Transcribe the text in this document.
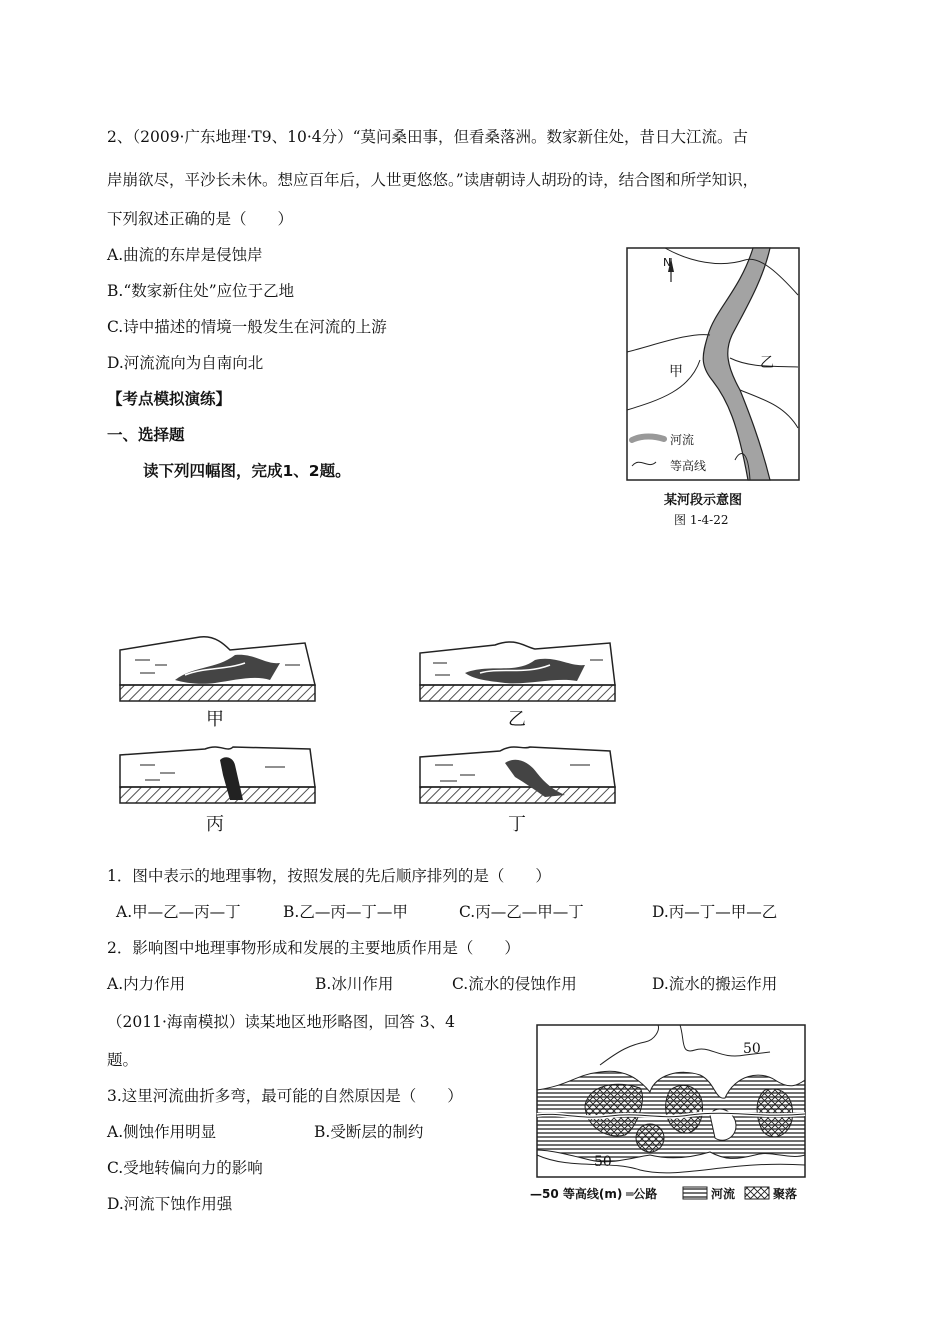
2、（2009·广东地理·T9、10·4分）“莫问桑田事，但看桑落洲。数家新住处，昔日大江流。古
岸崩欲尽，平沙长未休。想应百年后，人世更悠悠。”读唐朝诗人胡玢的诗，结合图和所学知识，
下列叙述正确的是（　　）
A.曲流的东岸是侵蚀岸
B.“数家新住处”应位于乙地
C.诗中描述的情境一般发生在河流的上游
D.河流流向为自南向北
【考点模拟演练】
一、选择题
读下列四幅图，完成1、2题。
N
甲
乙
河流
等高线
某河段示意图
图 1-4-22
甲
丙
乙
丁
1．图中表示的地理事物，按照发展的先后顺序排列的是（　　）
A.甲—乙—丙—丁	B.乙—丙—丁—甲	C.丙—乙—甲—丁	D.丙—丁—甲—乙
2．影响图中地理事物形成和发展的主要地质作用是（　　）
A.内力作用	B.冰川作用	C.流水的侵蚀作用	D.流水的搬运作用
（2011·海南模拟）读某地区地形略图，回答 3、4
题。
3.这里河流曲折多弯，最可能的自然原因是（　　）
A.侧蚀作用明显	B.受断层的制约
C.受地转偏向力的影响
D.河流下蚀作用强
50
50
—50 等高线(m) ═公路	河流	聚落
